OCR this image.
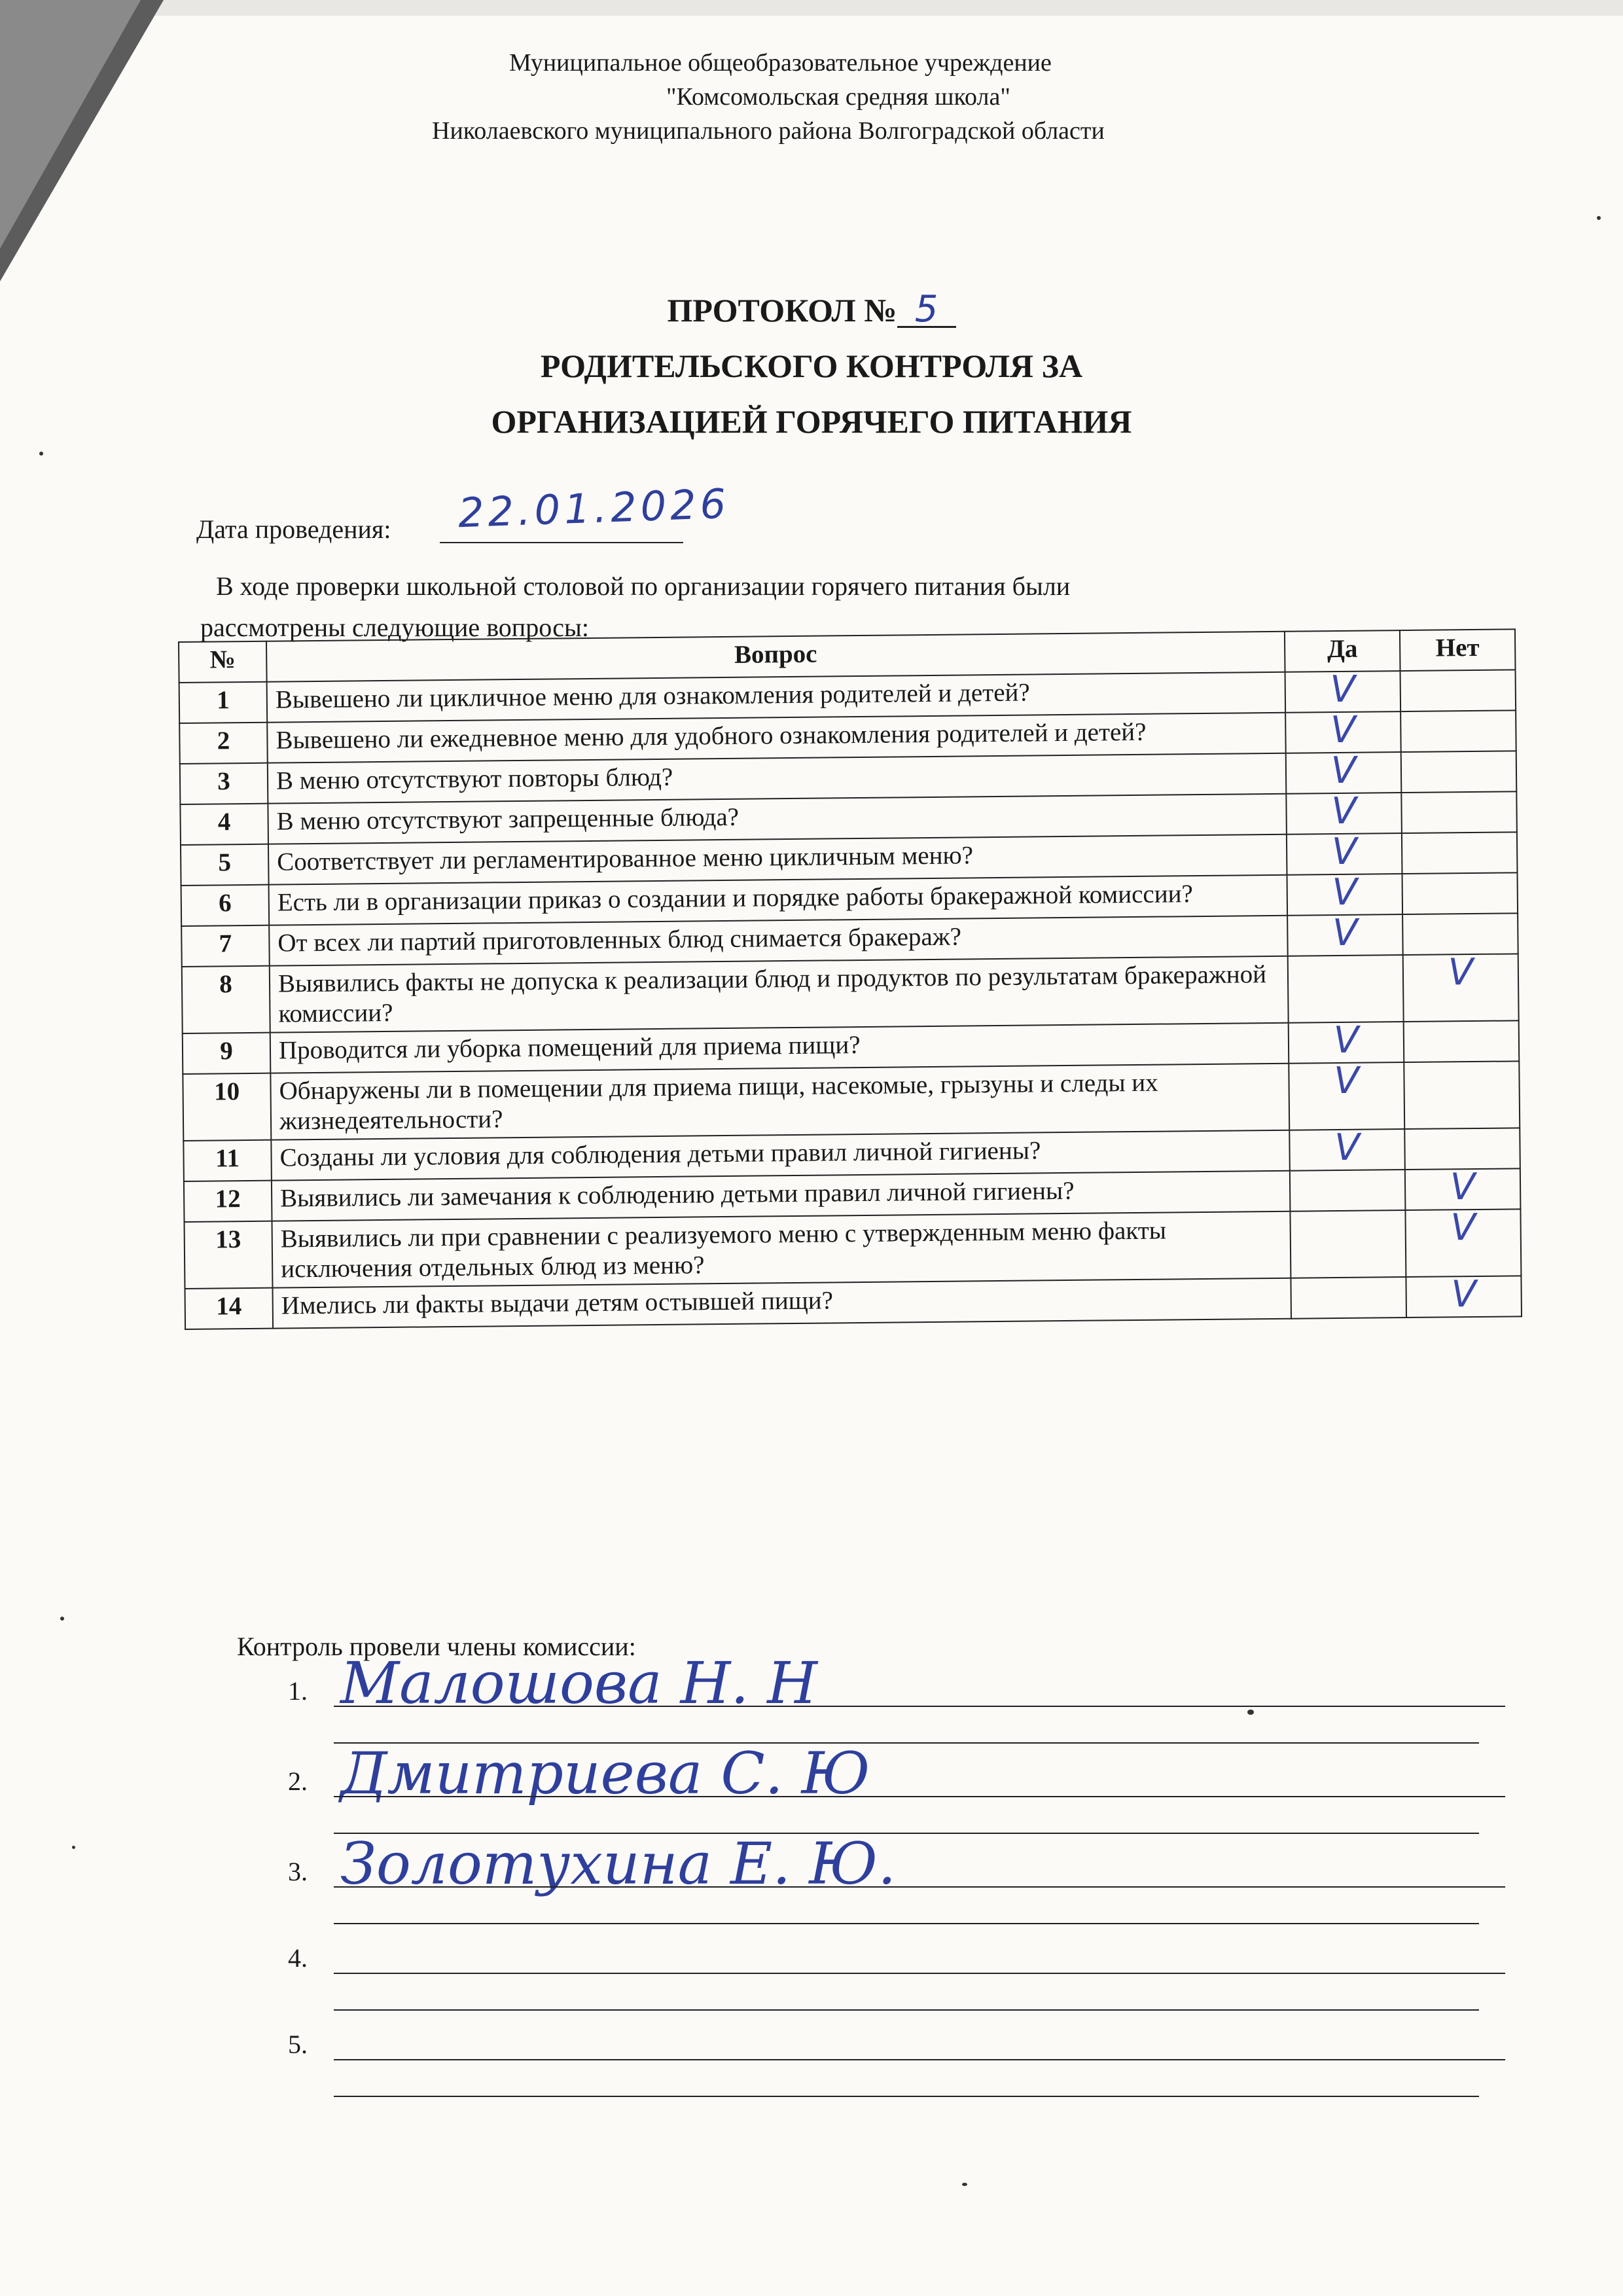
Муниципальное общеобразовательное учреждение
"Комсомольская средняя школа"
Николаевского муниципального района Волгоградской области
ПРОТОКОЛ № 5
РОДИТЕЛЬСКОГО КОНТРОЛЯ ЗА
ОРГАНИЗАЦИЕЙ ГОРЯЧЕГО ПИТАНИЯ
Дата проведения: 22.01.2026
В ходе проверки школьной столовой по организации горячего питания были
рассмотрены следующие вопросы:
№	Вопрос	Да	Нет
1	Вывешено ли цикличное меню для ознакомления родителей и детей?	V	
2	Вывешено ли ежедневное меню для удобного ознакомления родителей и детей?	V	
3	В меню отсутствуют повторы блюд?	V	
4	В меню отсутствуют запрещенные блюда?	V	
5	Соответствует ли регламентированное меню цикличным меню?	V	
6	Есть ли в организации приказ о создании и порядке работы бракеражной комиссии?	V	
7	От всех ли партий приготовленных блюд снимается бракераж?	V	
8	Выявились факты не допуска к реализации блюд и продуктов по результатам бракеражной комиссии?		V
9	Проводится ли уборка помещений для приема пищи?	V	
10	Обнаружены ли в помещении для приема пищи, насекомые, грызуны и следы их жизнедеятельности?	V	
11	Созданы ли условия для соблюдения детьми правил личной гигиены?	V	
12	Выявились ли замечания к соблюдению детьми правил личной гигиены?		V
13	Выявились ли при сравнении с реализуемого меню с утвержденным меню факты исключения отдельных блюд из меню?		V
14	Имелись ли факты выдачи детям остывшей пищи?		V
Контроль провели члены комиссии:
1. Малошова Н. Н
2. Дмитриева С. Ю
3. Золотухина Е. Ю.
4.
5.
